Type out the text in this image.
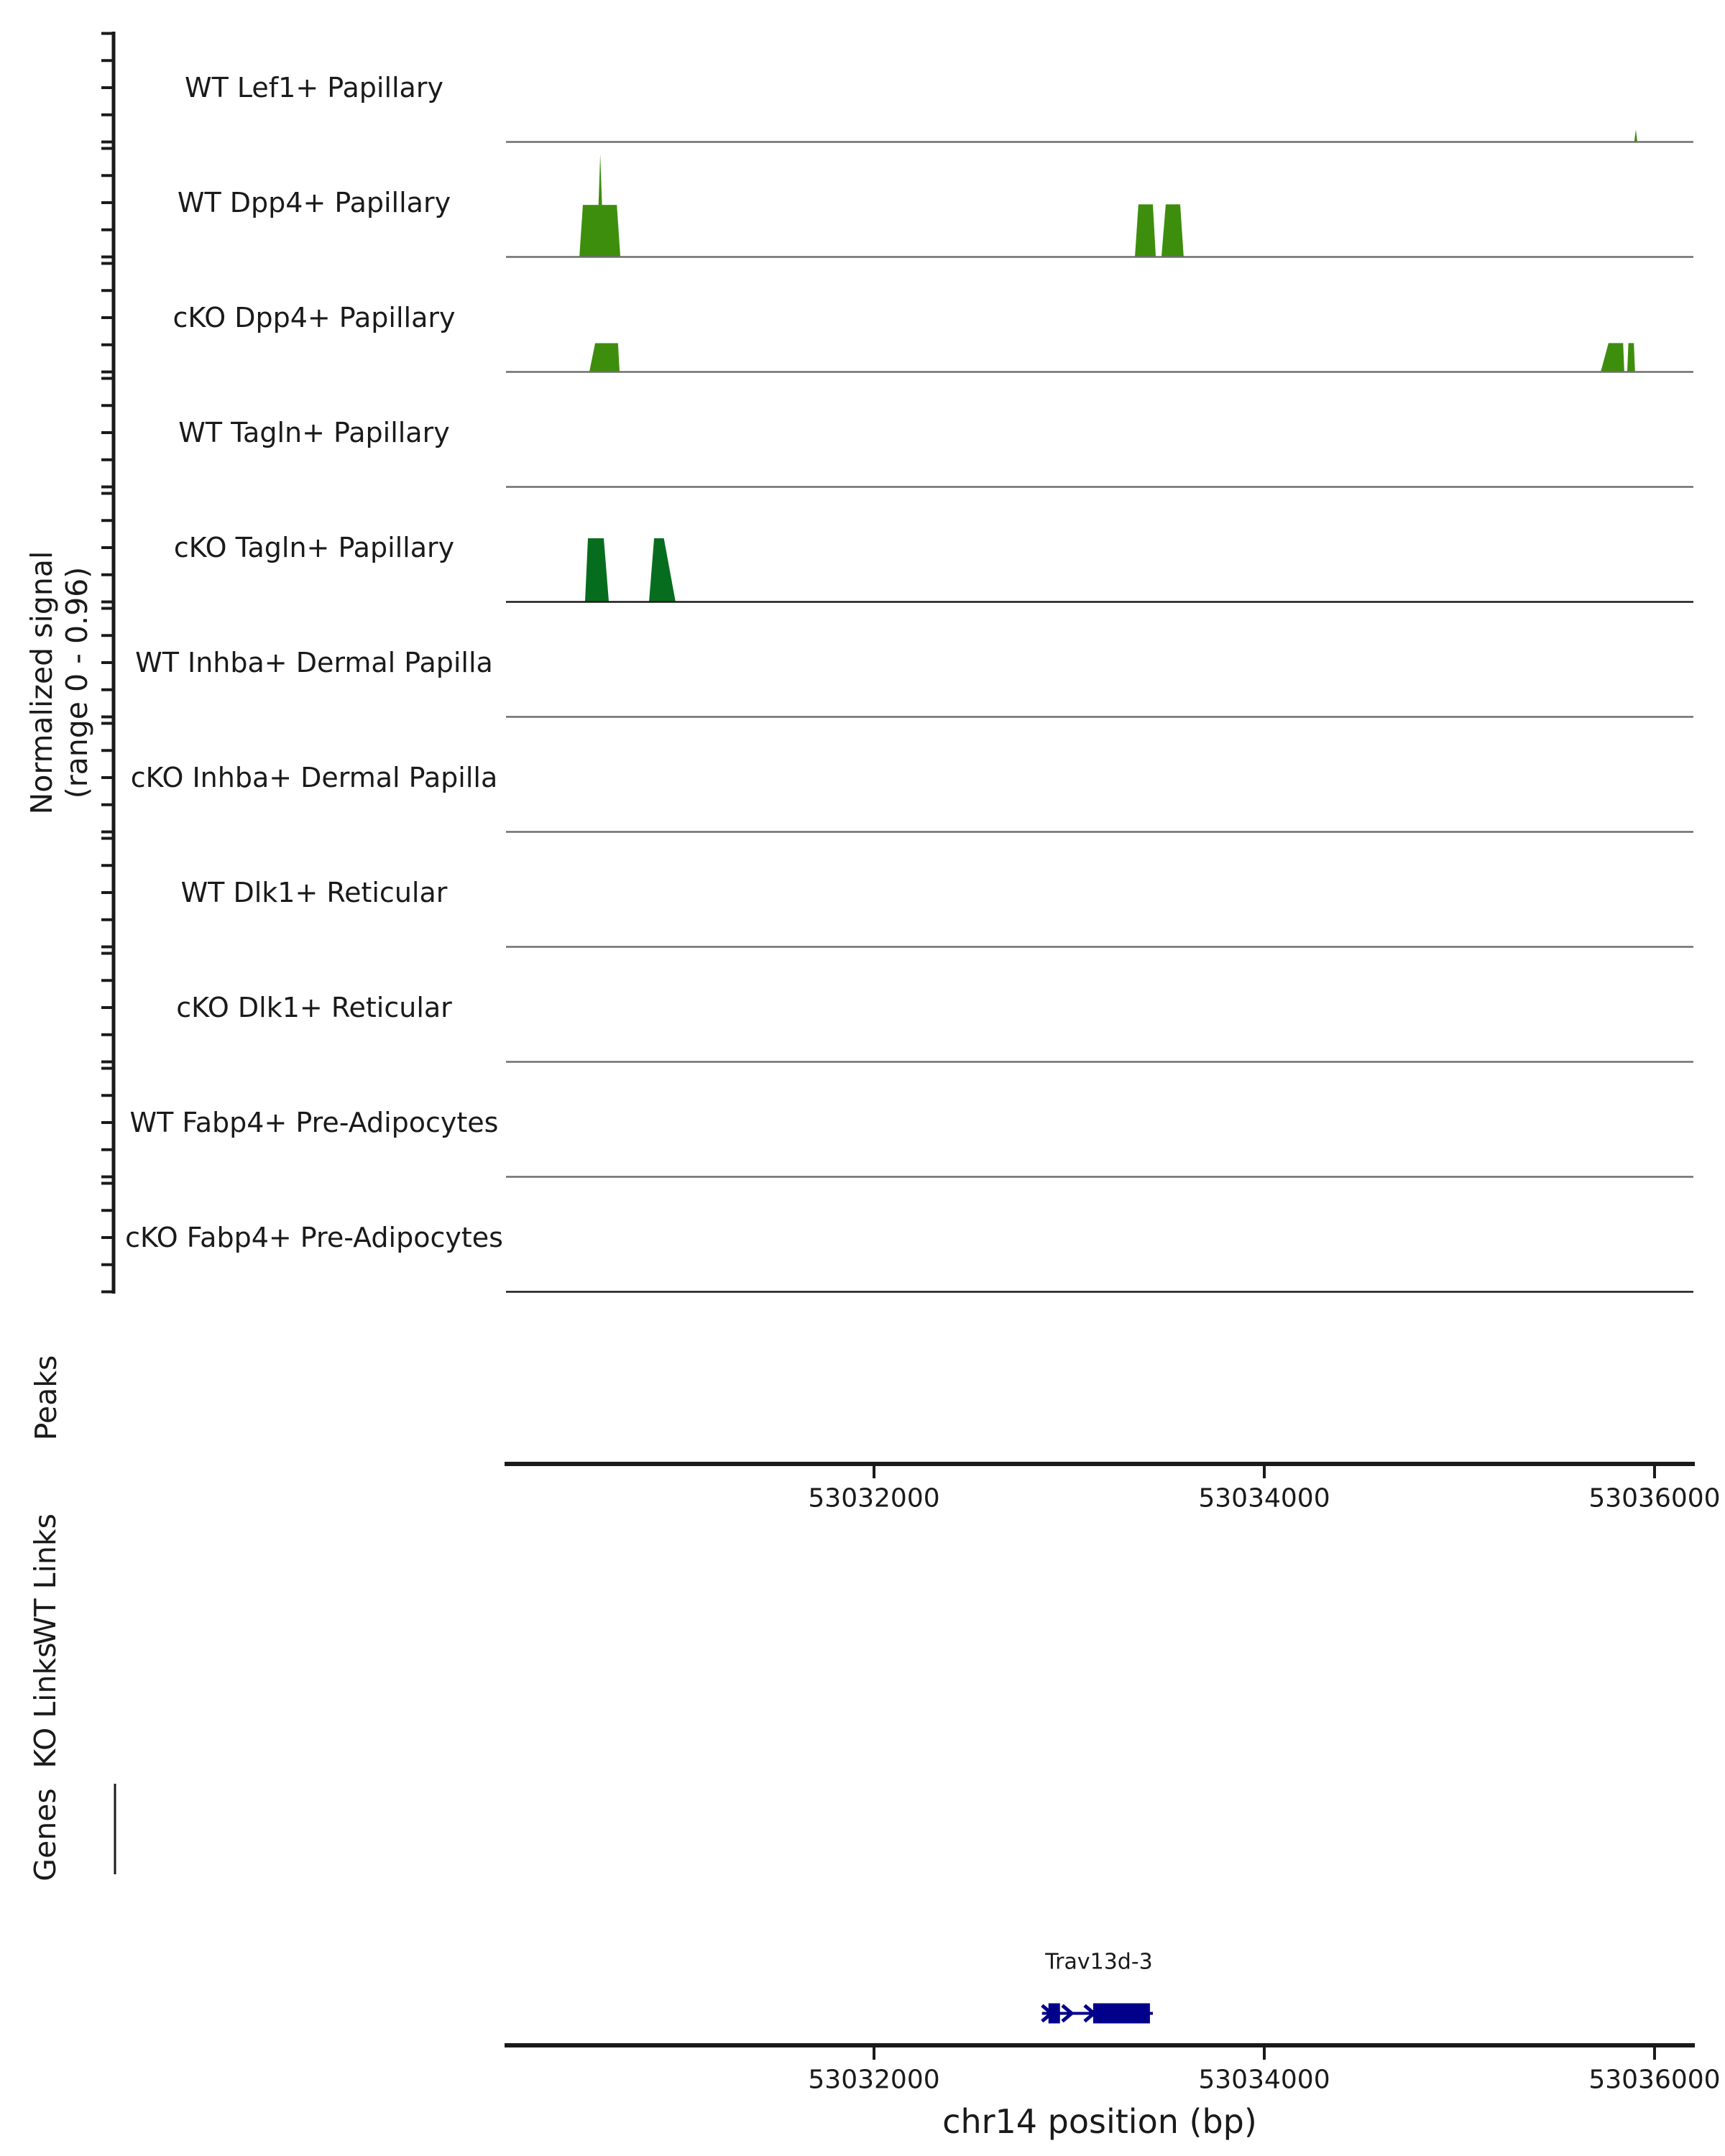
Normalized signal (range 0 - 0.96)
Peaks
WT Links
KO Links
Genes
WT Lef1+ Papillary
WT Dpp4+ Papillary
cKO Dpp4+ Papillary
WT Tagln+ Papillary
cKO Tagln+ Papillary
WT Inhba+ Dermal Papilla
cKO Inhba+ Dermal Papilla
WT Dlk1+ Reticular
cKO Dlk1+ Reticular
WT Fabp4+ Pre-Adipocytes
cKO Fabp4+ Pre-Adipocytes
53032000	53034000	53036000
53032000	53034000	53036000
Trav13d-3
chr14 position (bp)
